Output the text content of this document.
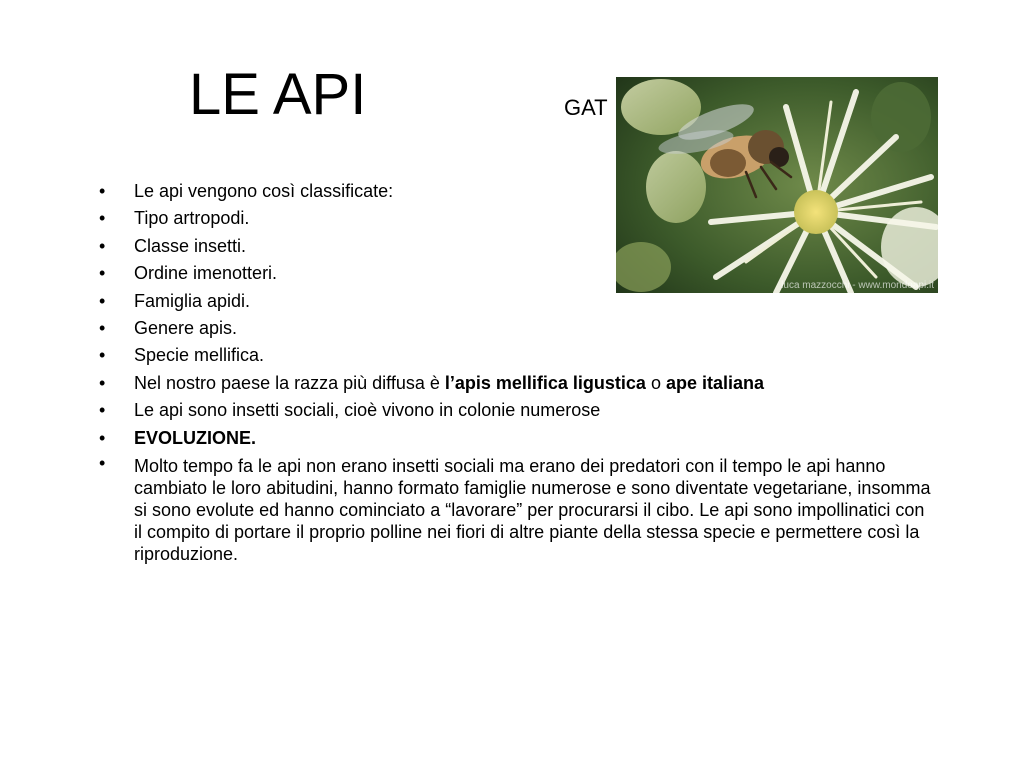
LE API	GAT
luca mazzocchi - www.mondoapi.it
• Le api vengono così classificate:
• Tipo artropodi.
• Classe insetti.
• Ordine imenotteri.
• Famiglia apidi.
• Genere apis.
• Specie mellifica.
• Nel nostro paese la razza più diffusa è l’apis mellifica ligustica o ape italiana
• Le api sono insetti sociali, cioè vivono in colonie numerose
• EVOLUZIONE.
• Molto tempo fa le api non erano insetti sociali ma erano dei predatori con il tempo le api hanno cambiato le loro abitudini, hanno formato famiglie numerose e sono diventate vegetariane, insomma si sono evolute ed hanno cominciato a “lavorare” per procurarsi il cibo. Le api sono impollinatici con il compito di portare il proprio polline nei fiori di altre piante della stessa specie e permettere così la riproduzione.
